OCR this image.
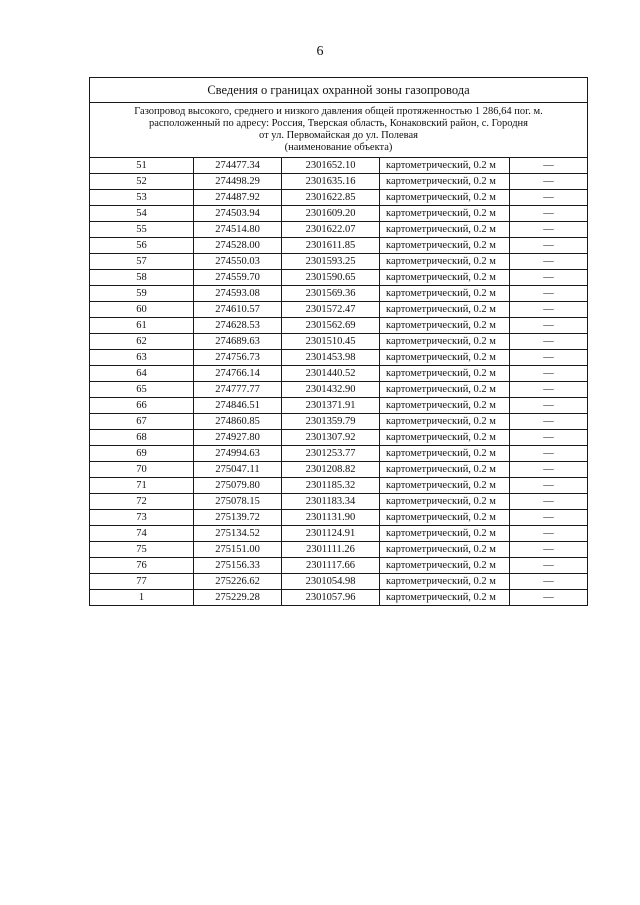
6
Сведения о границах охранной зоны газопровода				

Газопровод высокого, среднего и низкого давления общей протяженностью 1 286,64 пог. м.
расположенный по адресу: Россия, Тверская область, Конаковский район, с. Городня
от ул. Первомайская до ул. Полевая
(наименование объекта)				

51	274477.34	2301652.10	картометрический, 0.2 м	—
52	274498.29	2301635.16	картометрический, 0.2 м	—
53	274487.92	2301622.85	картометрический, 0.2 м	—
54	274503.94	2301609.20	картометрический, 0.2 м	—
55	274514.80	2301622.07	картометрический, 0.2 м	—
56	274528.00	2301611.85	картометрический, 0.2 м	—
57	274550.03	2301593.25	картометрический, 0.2 м	—
58	274559.70	2301590.65	картометрический, 0.2 м	—
59	274593.08	2301569.36	картометрический, 0.2 м	—
60	274610.57	2301572.47	картометрический, 0.2 м	—
61	274628.53	2301562.69	картометрический, 0.2 м	—
62	274689.63	2301510.45	картометрический, 0.2 м	—
63	274756.73	2301453.98	картометрический, 0.2 м	—
64	274766.14	2301440.52	картометрический, 0.2 м	—
65	274777.77	2301432.90	картометрический, 0.2 м	—
66	274846.51	2301371.91	картометрический, 0.2 м	—
67	274860.85	2301359.79	картометрический, 0.2 м	—
68	274927.80	2301307.92	картометрический, 0.2 м	—
69	274994.63	2301253.77	картометрический, 0.2 м	—
70	275047.11	2301208.82	картометрический, 0.2 м	—
71	275079.80	2301185.32	картометрический, 0.2 м	—
72	275078.15	2301183.34	картометрический, 0.2 м	—
73	275139.72	2301131.90	картометрический, 0.2 м	—
74	275134.52	2301124.91	картометрический, 0.2 м	—
75	275151.00	2301111.26	картометрический, 0.2 м	—
76	275156.33	2301117.66	картометрический, 0.2 м	—
77	275226.62	2301054.98	картометрический, 0.2 м	—
1	275229.28	2301057.96	картометрический, 0.2 м	—
